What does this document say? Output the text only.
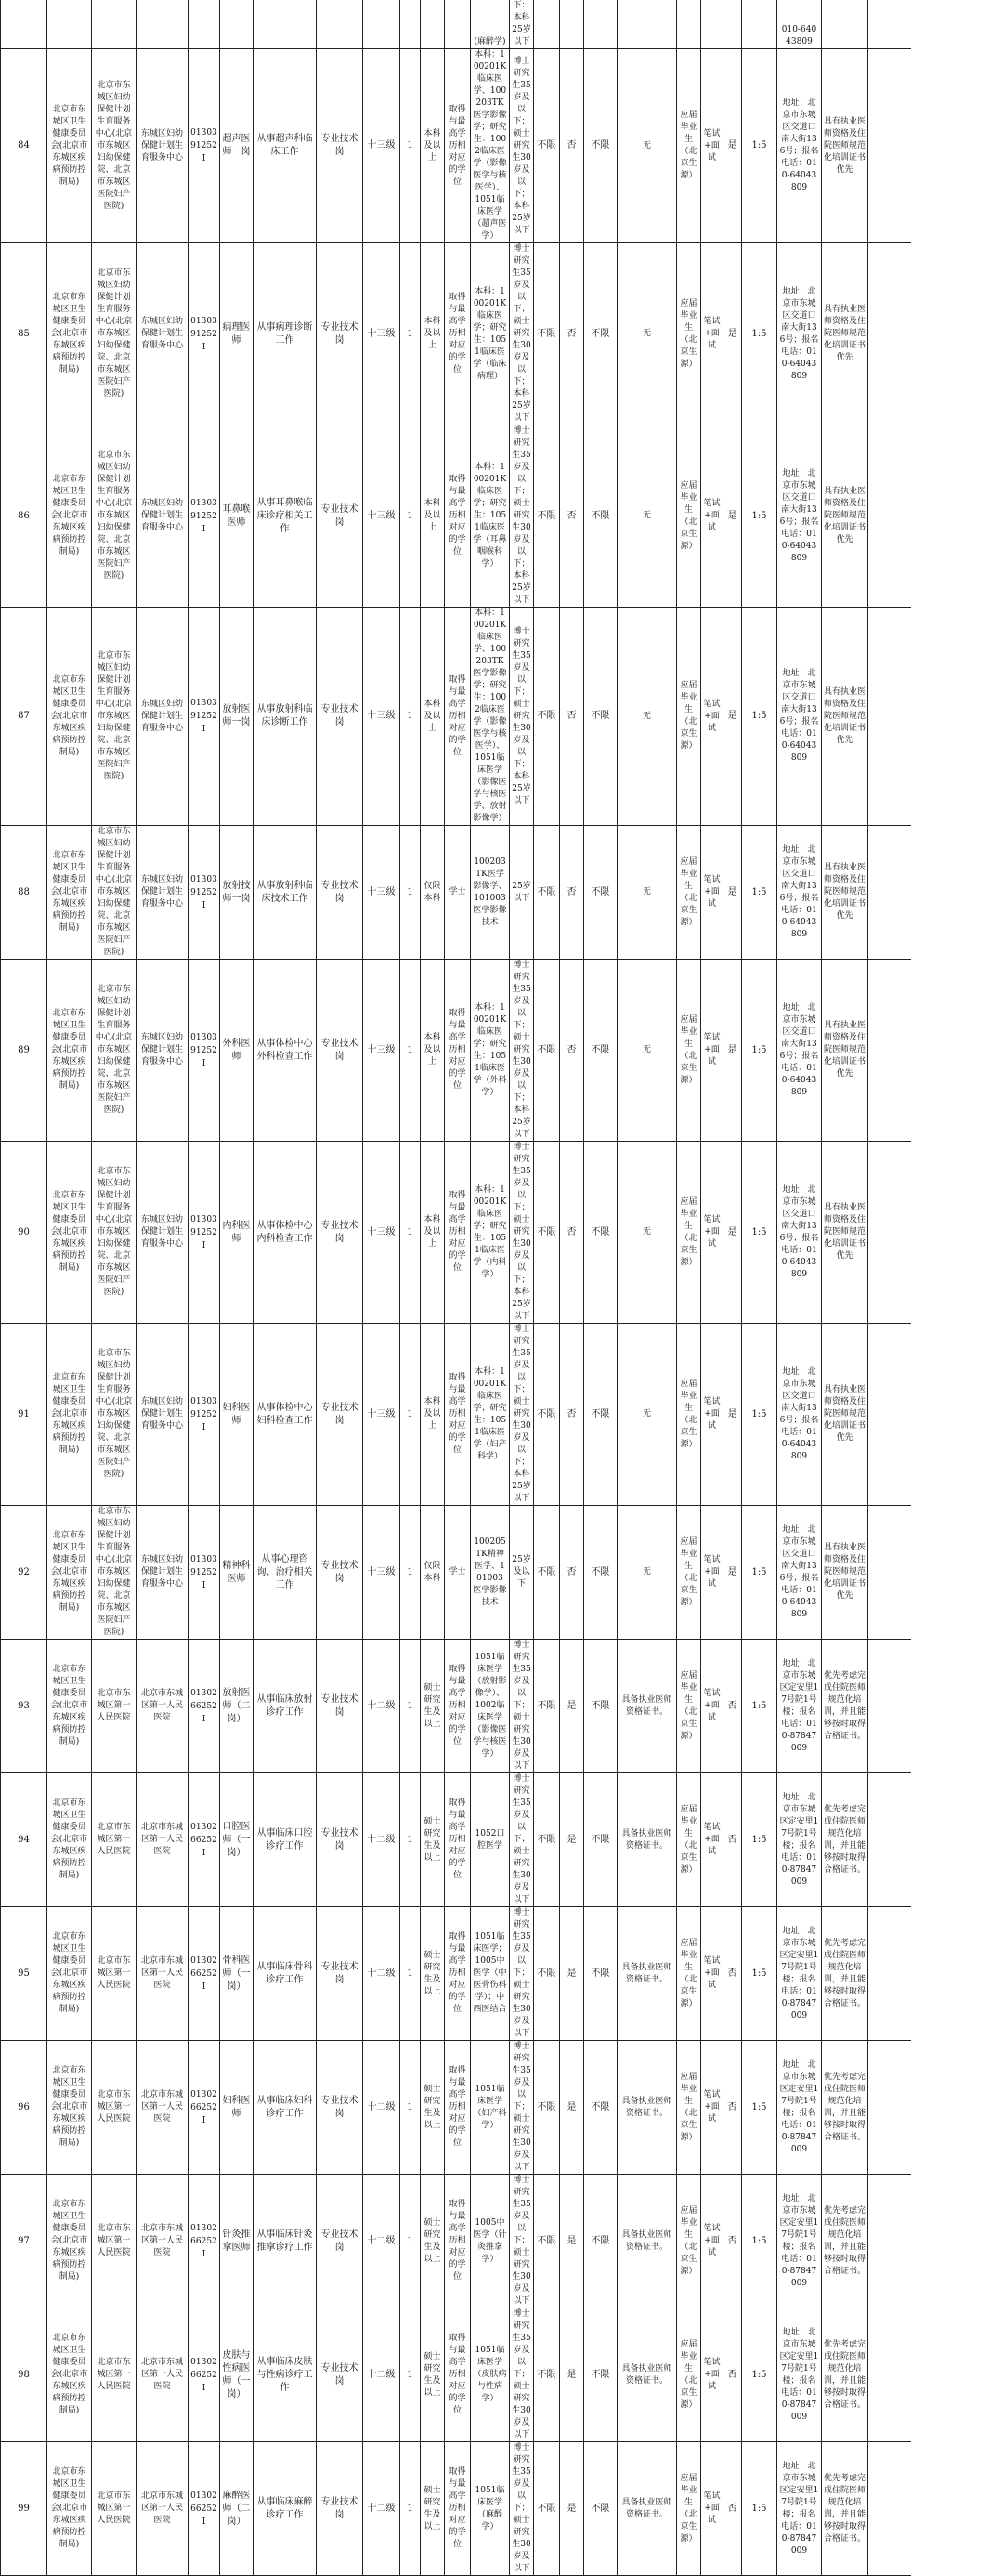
												(麻醉学)	下：本科25岁以下									010-64043809		
84	北京市东城区卫生健康委员会(北京市东城区疾病预防控制局)	北京市东城区妇幼保健计划生育服务中心(北京市东城区妇幼保健院、北京市东城区医院妇产医院)	东城区妇幼保健计划生育服务中心	0130391252I	超声医师一岗	从事超声科临床工作	专业技术岗	十三级	1	本科及以上	取得与最高学历相对应的学位	本科：100201K临床医学、100203TK医学影像学；研究生：1002临床医学（影像医学与核医学）、1051临床医学（超声医学）	博士研究生35岁及以下；硕士研究生30岁及以下；本科25岁以下	不限	否	不限	无	应届毕业生（北京生源）	笔试+面试	是	1:5	地址：北京市东城区交道口南大街136号；报名电话：010-64043809	具有执业医师资格及住院医师规范化培训证书优先	
85	北京市东城区卫生健康委员会(北京市东城区疾病预防控制局)	北京市东城区妇幼保健计划生育服务中心(北京市东城区妇幼保健院、北京市东城区医院妇产医院)	东城区妇幼保健计划生育服务中心	0130391252I	病理医师	从事病理诊断工作	专业技术岗	十三级	1	本科及以上	取得与最高学历相对应的学位	本科：100201K临床医学；研究生：1051临床医学（临床病理）	博士研究生35岁及以下；硕士研究生30岁及以下；本科25岁以下	不限	否	不限	无	应届毕业生（北京生源）	笔试+面试	是	1:5	地址：北京市东城区交道口南大街136号；报名电话：010-64043809	具有执业医师资格及住院医师规范化培训证书优先	
86	北京市东城区卫生健康委员会(北京市东城区疾病预防控制局)	北京市东城区妇幼保健计划生育服务中心(北京市东城区妇幼保健院、北京市东城区医院妇产医院)	东城区妇幼保健计划生育服务中心	0130391252I	耳鼻喉医师	从事耳鼻喉临床诊疗相关工作	专业技术岗	十三级	1	本科及以上	取得与最高学历相对应的学位	本科：100201K临床医学；研究生：1051临床医学（耳鼻咽喉科学）	博士研究生35岁及以下；硕士研究生30岁及以下；本科25岁以下	不限	否	不限	无	应届毕业生（北京生源）	笔试+面试	是	1:5	地址：北京市东城区交道口南大街136号；报名电话：010-64043809	具有执业医师资格及住院医师规范化培训证书优先	
87	北京市东城区卫生健康委员会(北京市东城区疾病预防控制局)	北京市东城区妇幼保健计划生育服务中心(北京市东城区妇幼保健院、北京市东城区医院妇产医院)	东城区妇幼保健计划生育服务中心	0130391252I	放射医师一岗	从事放射科临床诊断工作	专业技术岗	十三级	1	本科及以上	取得与最高学历相对应的学位	本科：100201K临床医学、100203TK医学影像学；研究生：1002临床医学（影像医学与核医学）、1051临床医学（影像医学与核医学、放射影像学）	博士研究生35岁及以下；硕士研究生30岁及以下；本科25岁以下	不限	否	不限	无	应届毕业生（北京生源）	笔试+面试	是	1:5	地址：北京市东城区交道口南大街136号；报名电话：010-64043809	具有执业医师资格及住院医师规范化培训证书优先	
88	北京市东城区卫生健康委员会(北京市东城区疾病预防控制局)	北京市东城区妇幼保健计划生育服务中心(北京市东城区妇幼保健院、北京市东城区医院妇产医院)	东城区妇幼保健计划生育服务中心	0130391252I	放射技师一岗	从事放射科临床技术工作	专业技术岗	十三级	1	仅限本科	学士	100203TK医学影像学、101003医学影像技术	25岁以下	不限	否	不限	无	应届毕业生（北京生源）	笔试+面试	是	1:5	地址：北京市东城区交道口南大街136号；报名电话：010-64043809	具有执业医师资格及住院医师规范化培训证书优先	
89	北京市东城区卫生健康委员会(北京市东城区疾病预防控制局)	北京市东城区妇幼保健计划生育服务中心(北京市东城区妇幼保健院、北京市东城区医院妇产医院)	东城区妇幼保健计划生育服务中心	0130391252I	外科医师	从事体检中心外科检查工作	专业技术岗	十三级	1	本科及以上	取得与最高学历相对应的学位	本科：100201K临床医学；研究生：1051临床医学（外科学）	博士研究生35岁及以下；硕士研究生30岁及以下；本科25岁以下	不限	否	不限	无	应届毕业生（北京生源）	笔试+面试	是	1:5	地址：北京市东城区交道口南大街136号；报名电话：010-64043809	具有执业医师资格及住院医师规范化培训证书优先	
90	北京市东城区卫生健康委员会(北京市东城区疾病预防控制局)	北京市东城区妇幼保健计划生育服务中心(北京市东城区妇幼保健院、北京市东城区医院妇产医院)	东城区妇幼保健计划生育服务中心	0130391252I	内科医师	从事体检中心内科检查工作	专业技术岗	十三级	1	本科及以上	取得与最高学历相对应的学位	本科：100201K临床医学；研究生：1051临床医学（内科学）	博士研究生35岁及以下；硕士研究生30岁及以下；本科25岁以下	不限	否	不限	无	应届毕业生（北京生源）	笔试+面试	是	1:5	地址：北京市东城区交道口南大街136号；报名电话：010-64043809	具有执业医师资格及住院医师规范化培训证书优先	
91	北京市东城区卫生健康委员会(北京市东城区疾病预防控制局)	北京市东城区妇幼保健计划生育服务中心(北京市东城区妇幼保健院、北京市东城区医院妇产医院)	东城区妇幼保健计划生育服务中心	0130391252I	妇科医师	从事体检中心妇科检查工作	专业技术岗	十三级	1	本科及以上	取得与最高学历相对应的学位	本科：100201K临床医学；研究生：1051临床医学（妇产科学）	博士研究生35岁及以下；硕士研究生30岁及以下；本科25岁以下	不限	否	不限	无	应届毕业生（北京生源）	笔试+面试	是	1:5	地址：北京市东城区交道口南大街136号；报名电话：010-64043809	具有执业医师资格及住院医师规范化培训证书优先	
92	北京市东城区卫生健康委员会(北京市东城区疾病预防控制局)	北京市东城区妇幼保健计划生育服务中心(北京市东城区妇幼保健院、北京市东城区医院妇产医院)	东城区妇幼保健计划生育服务中心	0130391252I	精神科医师	从事心理咨询、治疗相关工作	专业技术岗	十三级	1	仅限本科	学士	100205TK精神医学、101003医学影像技术	25岁及以下	不限	否	不限	无	应届毕业生（北京生源）	笔试+面试	是	1:5	地址：北京市东城区交道口南大街136号；报名电话：010-64043809	具有执业医师资格及住院医师规范化培训证书优先	
93	北京市东城区卫生健康委员会(北京市东城区疾病预防控制局)	北京市东城区第一人民医院	北京市东城区第一人民医院	0130266252I	放射医师（二岗）	从事临床放射诊疗工作	专业技术岗	十二级	1	硕士研究生及以上	取得与最高学历相对应的学位	1051临床医学（放射影像学）、1002临床医学（影像医学与核医学）	博士研究生35岁及以下；硕士研究生30岁及以下	不限	是	不限	具备执业医师资格证书。	应届毕业生（北京生源）	笔试+面试	否	1:5	地址：北京市东城区定安里17号院1号楼；报名电话：010-87847009	优先考虑完成住院医师规范化培训，并且能够按时取得合格证书。	
94	北京市东城区卫生健康委员会(北京市东城区疾病预防控制局)	北京市东城区第一人民医院	北京市东城区第一人民医院	0130266252I	口腔医师（一岗）	从事临床口腔诊疗工作	专业技术岗	十二级	1	硕士研究生及以上	取得与最高学历相对应的学位	1052口腔医学	博士研究生35岁及以下；硕士研究生30岁及以下	不限	是	不限	具备执业医师资格证书。	应届毕业生（北京生源）	笔试+面试	否	1:5	地址：北京市东城区定安里17号院1号楼；报名电话：010-87847009	优先考虑完成住院医师规范化培训，并且能够按时取得合格证书。	
95	北京市东城区卫生健康委员会(北京市东城区疾病预防控制局)	北京市东城区第一人民医院	北京市东城区第一人民医院	0130266252I	骨科医师（一岗）	从事临床骨科诊疗工作	专业技术岗	十二级	1	硕士研究生及以上	取得与最高学历相对应的学位	1051临床医学；1005中医学（中医骨伤科学）；中西医结合	博士研究生35岁及以下；硕士研究生30岁及以下	不限	是	不限	具备执业医师资格证书。	应届毕业生（北京生源）	笔试+面试	否	1:5	地址：北京市东城区定安里17号院1号楼；报名电话：010-87847009	优先考虑完成住院医师规范化培训，并且能够按时取得合格证书。	
96	北京市东城区卫生健康委员会(北京市东城区疾病预防控制局)	北京市东城区第一人民医院	北京市东城区第一人民医院	0130266252I	妇科医师	从事临床妇科诊疗工作	专业技术岗	十二级	1	硕士研究生及以上	取得与最高学历相对应的学位	1051临床医学（妇产科学）	博士研究生35岁及以下；硕士研究生30岁及以下	不限	是	不限	具备执业医师资格证书。	应届毕业生（北京生源）	笔试+面试	否	1:5	地址：北京市东城区定安里17号院1号楼；报名电话：010-87847009	优先考虑完成住院医师规范化培训，并且能够按时取得合格证书。	
97	北京市东城区卫生健康委员会(北京市东城区疾病预防控制局)	北京市东城区第一人民医院	北京市东城区第一人民医院	0130266252I	针灸推拿医师	从事临床针灸推拿诊疗工作	专业技术岗	十二级	1	硕士研究生及以上	取得与最高学历相对应的学位	1005中医学（针灸推拿学）	博士研究生35岁及以下；硕士研究生30岁及以下	不限	是	不限	具备执业医师资格证书。	应届毕业生（北京生源）	笔试+面试	否	1:5	地址：北京市东城区定安里17号院1号楼；报名电话：010-87847009	优先考虑完成住院医师规范化培训，并且能够按时取得合格证书。	
98	北京市东城区卫生健康委员会(北京市东城区疾病预防控制局)	北京市东城区第一人民医院	北京市东城区第一人民医院	0130266252I	皮肤与性病医师（一岗）	从事临床皮肤与性病诊疗工作	专业技术岗	十二级	1	硕士研究生及以上	取得与最高学历相对应的学位	1051临床医学（皮肤病与性病学）	博士研究生35岁及以下；硕士研究生30岁及以下	不限	是	不限	具备执业医师资格证书。	应届毕业生（北京生源）	笔试+面试	否	1:5	地址：北京市东城区定安里17号院1号楼；报名电话：010-87847009	优先考虑完成住院医师规范化培训，并且能够按时取得合格证书。	
99	北京市东城区卫生健康委员会(北京市东城区疾病预防控制局)	北京市东城区第一人民医院	北京市东城区第一人民医院	0130266252I	麻醉医师（二岗）	从事临床麻醉诊疗工作	专业技术岗	十二级	1	硕士研究生及以上	取得与最高学历相对应的学位	1051临床医学（麻醉学）	博士研究生35岁及以下；硕士研究生30岁及以下	不限	是	不限	具备执业医师资格证书。	应届毕业生（北京生源）	笔试+面试	否	1:5	地址：北京市东城区定安里17号院1号楼；报名电话：010-87847009	优先考虑完成住院医师规范化培训，并且能够按时取得合格证书。	
